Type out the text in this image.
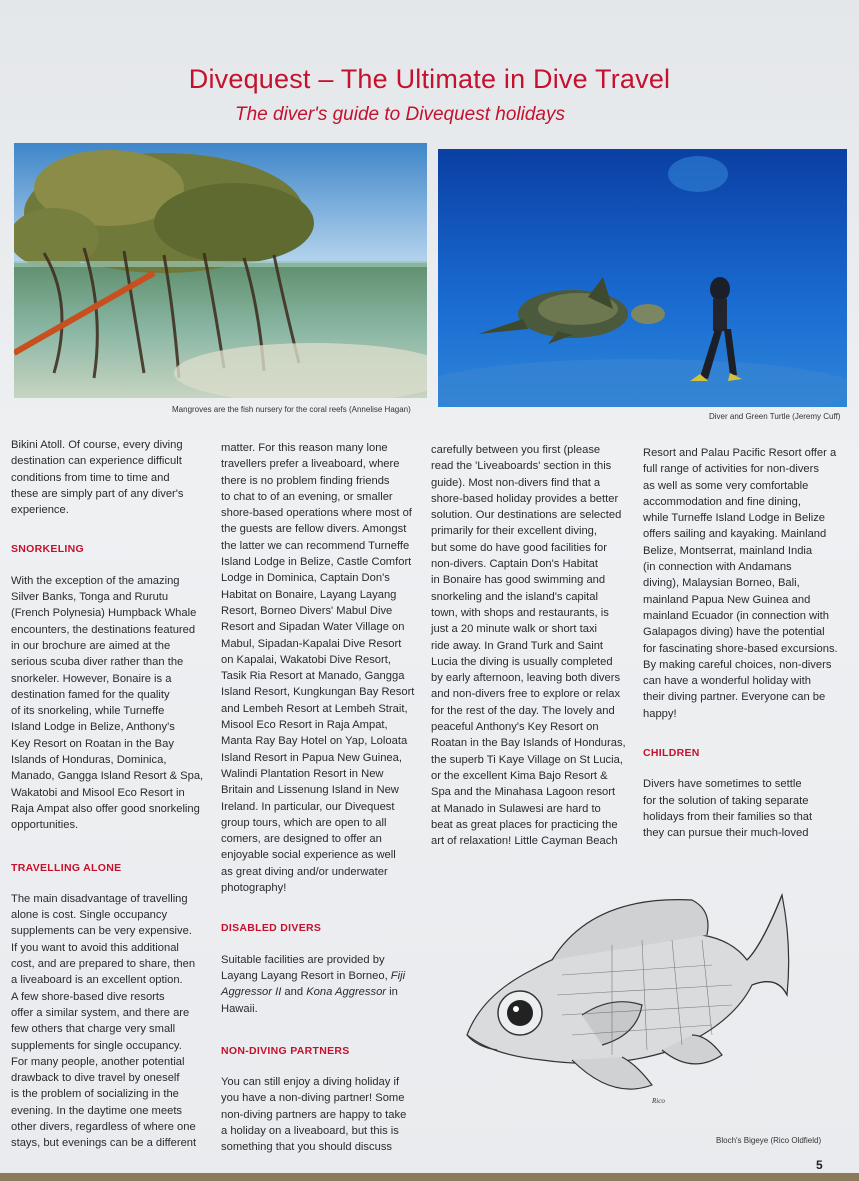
Divequest – The Ultimate in Dive Travel
The diver's guide to Divequest holidays
Mangroves are the fish nursery for the coral reefs (Annelise Hagan)
Diver and Green Turtle (Jeremy Cuff)

Bikini Atoll. Of course, every diving

destination can experience difficult

conditions from time to time and

these are simply part of any diver's

experience.

SNORKELING

With the exception of the amazing

Silver Banks, Tonga and Rurutu

(French Polynesia) Humpback Whale

encounters, the destinations featured

in our brochure are aimed at the

serious scuba diver rather than the

snorkeler. However, Bonaire is a

destination famed for the quality

of its snorkeling, while Turneffe

Island Lodge in Belize, Anthony's

Key Resort on Roatan in the Bay

Islands of Honduras, Dominica,

Manado, Gangga Island Resort & Spa,

Wakatobi and Misool Eco Resort in

Raja Ampat also offer good snorkeling

opportunities.

TRAVELLING ALONE

The main disadvantage of travelling

alone is cost. Single occupancy

supplements can be very expensive.

If you want to avoid this additional

cost, and are prepared to share, then

a liveaboard is an excellent option.

A few shore-based dive resorts

offer a similar system, and there are

few others that charge very small

supplements for single occupancy.

For many people, another potential

drawback to dive travel by oneself

is the problem of socializing in the

evening. In the daytime one meets

other divers, regardless of where one

stays, but evenings can be a different

matter. For this reason many lone

travellers prefer a liveaboard, where

there is no problem finding friends

to chat to of an evening, or smaller

shore-based operations where most of

the guests are fellow divers. Amongst

the latter we can recommend Turneffe

Island Lodge in Belize, Castle Comfort

Lodge in Dominica, Captain Don's

Habitat on Bonaire, Layang Layang

Resort, Borneo Divers' Mabul Dive

Resort and Sipadan Water Village on

Mabul, Sipadan-Kapalai Dive Resort

on Kapalai, Wakatobi Dive Resort,

Tasik Ria Resort at Manado, Gangga

Island Resort, Kungkungan Bay Resort

and Lembeh Resort at Lembeh Strait,

Misool Eco Resort in Raja Ampat,

Manta Ray Bay Hotel on Yap, Loloata

Island Resort in Papua New Guinea,

Walindi Plantation Resort in New

Britain and Lissenung Island in New

Ireland. In particular, our Divequest

group tours, which are open to all

comers, are designed to offer an

enjoyable social experience as well

as great diving and/or underwater

photography!

DISABLED DIVERS

Suitable facilities are provided by

Layang Layang Resort in Borneo, Fiji

Aggressor II and Kona Aggressor in

Hawaii.

NON-DIVING PARTNERS

You can still enjoy a diving holiday if

you have a non-diving partner! Some

non-diving partners are happy to take

a holiday on a liveaboard, but this is

something that you should discuss

carefully between you first (please

read the 'Liveaboards' section in this

guide). Most non-divers find that a

shore-based holiday provides a better

solution. Our destinations are selected

primarily for their excellent diving,

but some do have good facilities for

non-divers. Captain Don's Habitat

in Bonaire has good swimming and

snorkeling and the island's capital

town, with shops and restaurants, is

just a 20 minute walk or short taxi

ride away. In Grand Turk and Saint

Lucia the diving is usually completed

by early afternoon, leaving both divers

and non-divers free to explore or relax

for the rest of the day. The lovely and

peaceful Anthony's Key Resort on

Roatan in the Bay Islands of Honduras,

the superb Ti Kaye Village on St Lucia,

or the excellent Kima Bajo Resort &

Spa and the Minahasa Lagoon resort

at Manado in Sulawesi are hard to

beat as great places for practicing the

art of relaxation! Little Cayman Beach

Resort and Palau Pacific Resort offer a

full range of activities for non-divers

as well as some very comfortable

accommodation and fine dining,

while Turneffe Island Lodge in Belize

offers sailing and kayaking. Mainland

Belize, Montserrat, mainland India

(in connection with Andamans

diving), Malaysian Borneo, Bali,

mainland Papua New Guinea and

mainland Ecuador (in connection with

Galapagos diving) have the potential

for fascinating shore-based excursions.

By making careful choices, non-divers

can have a wonderful holiday with

their diving partner. Everyone can be

happy!

CHILDREN

Divers have sometimes to settle

for the solution of taking separate

holidays from their families so that

they can pursue their much-loved

Rico
Bloch's Bigeye (Rico Oldfield)
5
